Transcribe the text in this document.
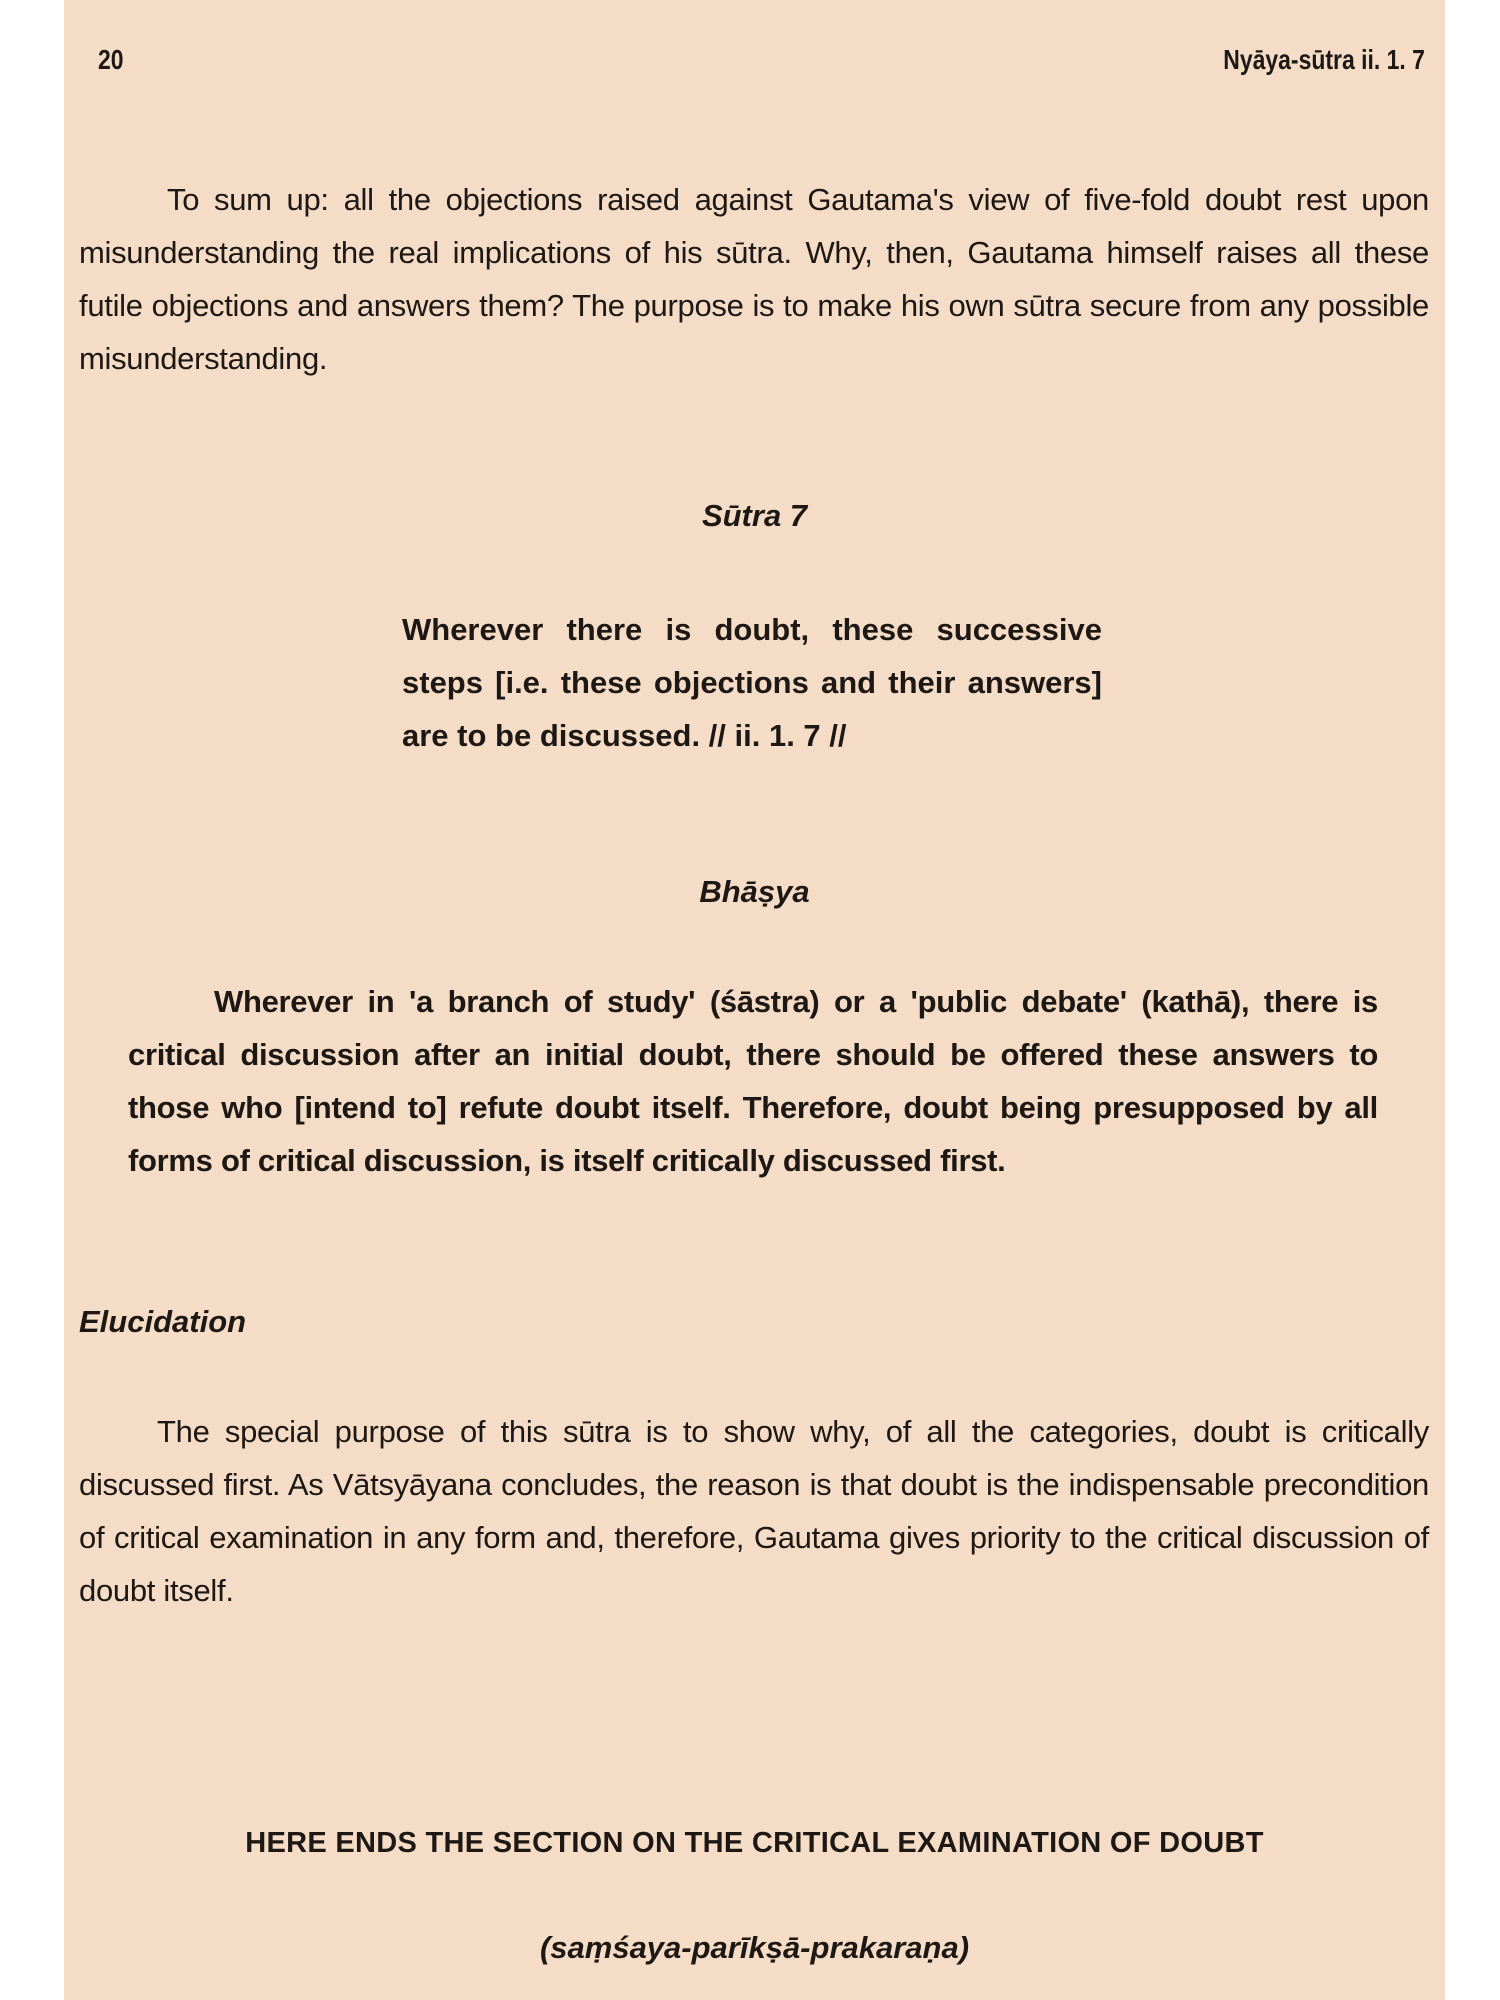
20	Nyāya-sūtra ii. 1. 7

To sum up: all the objections raised against Gautama's view of five-fold doubt rest upon misunderstanding the real implications of his sūtra. Why, then, Gautama himself raises all these futile objections and answers them? The purpose is to make his own sūtra secure from any possible misunderstanding.

Sūtra 7

Wherever there is doubt, these successive steps [i.e. these objections and their answers] are to be discussed. // ii. 1. 7 //

Bhāṣya

Wherever in 'a branch of study' (śāstra) or a 'public debate' (kathā), there is critical discussion after an initial doubt, there should be offered these answers to those who [intend to] refute doubt itself. Therefore, doubt being presupposed by all forms of critical discussion, is itself critically discussed first.

Elucidation

The special purpose of this sūtra is to show why, of all the categories, doubt is critically discussed first. As Vātsyāyana concludes, the reason is that doubt is the indispensable precondition of critical examination in any form and, therefore, Gautama gives priority to the critical discussion of doubt itself.

HERE ENDS THE SECTION ON THE CRITICAL EXAMINATION OF DOUBT
(saṃśaya-parīkṣā-prakaraṇa)
